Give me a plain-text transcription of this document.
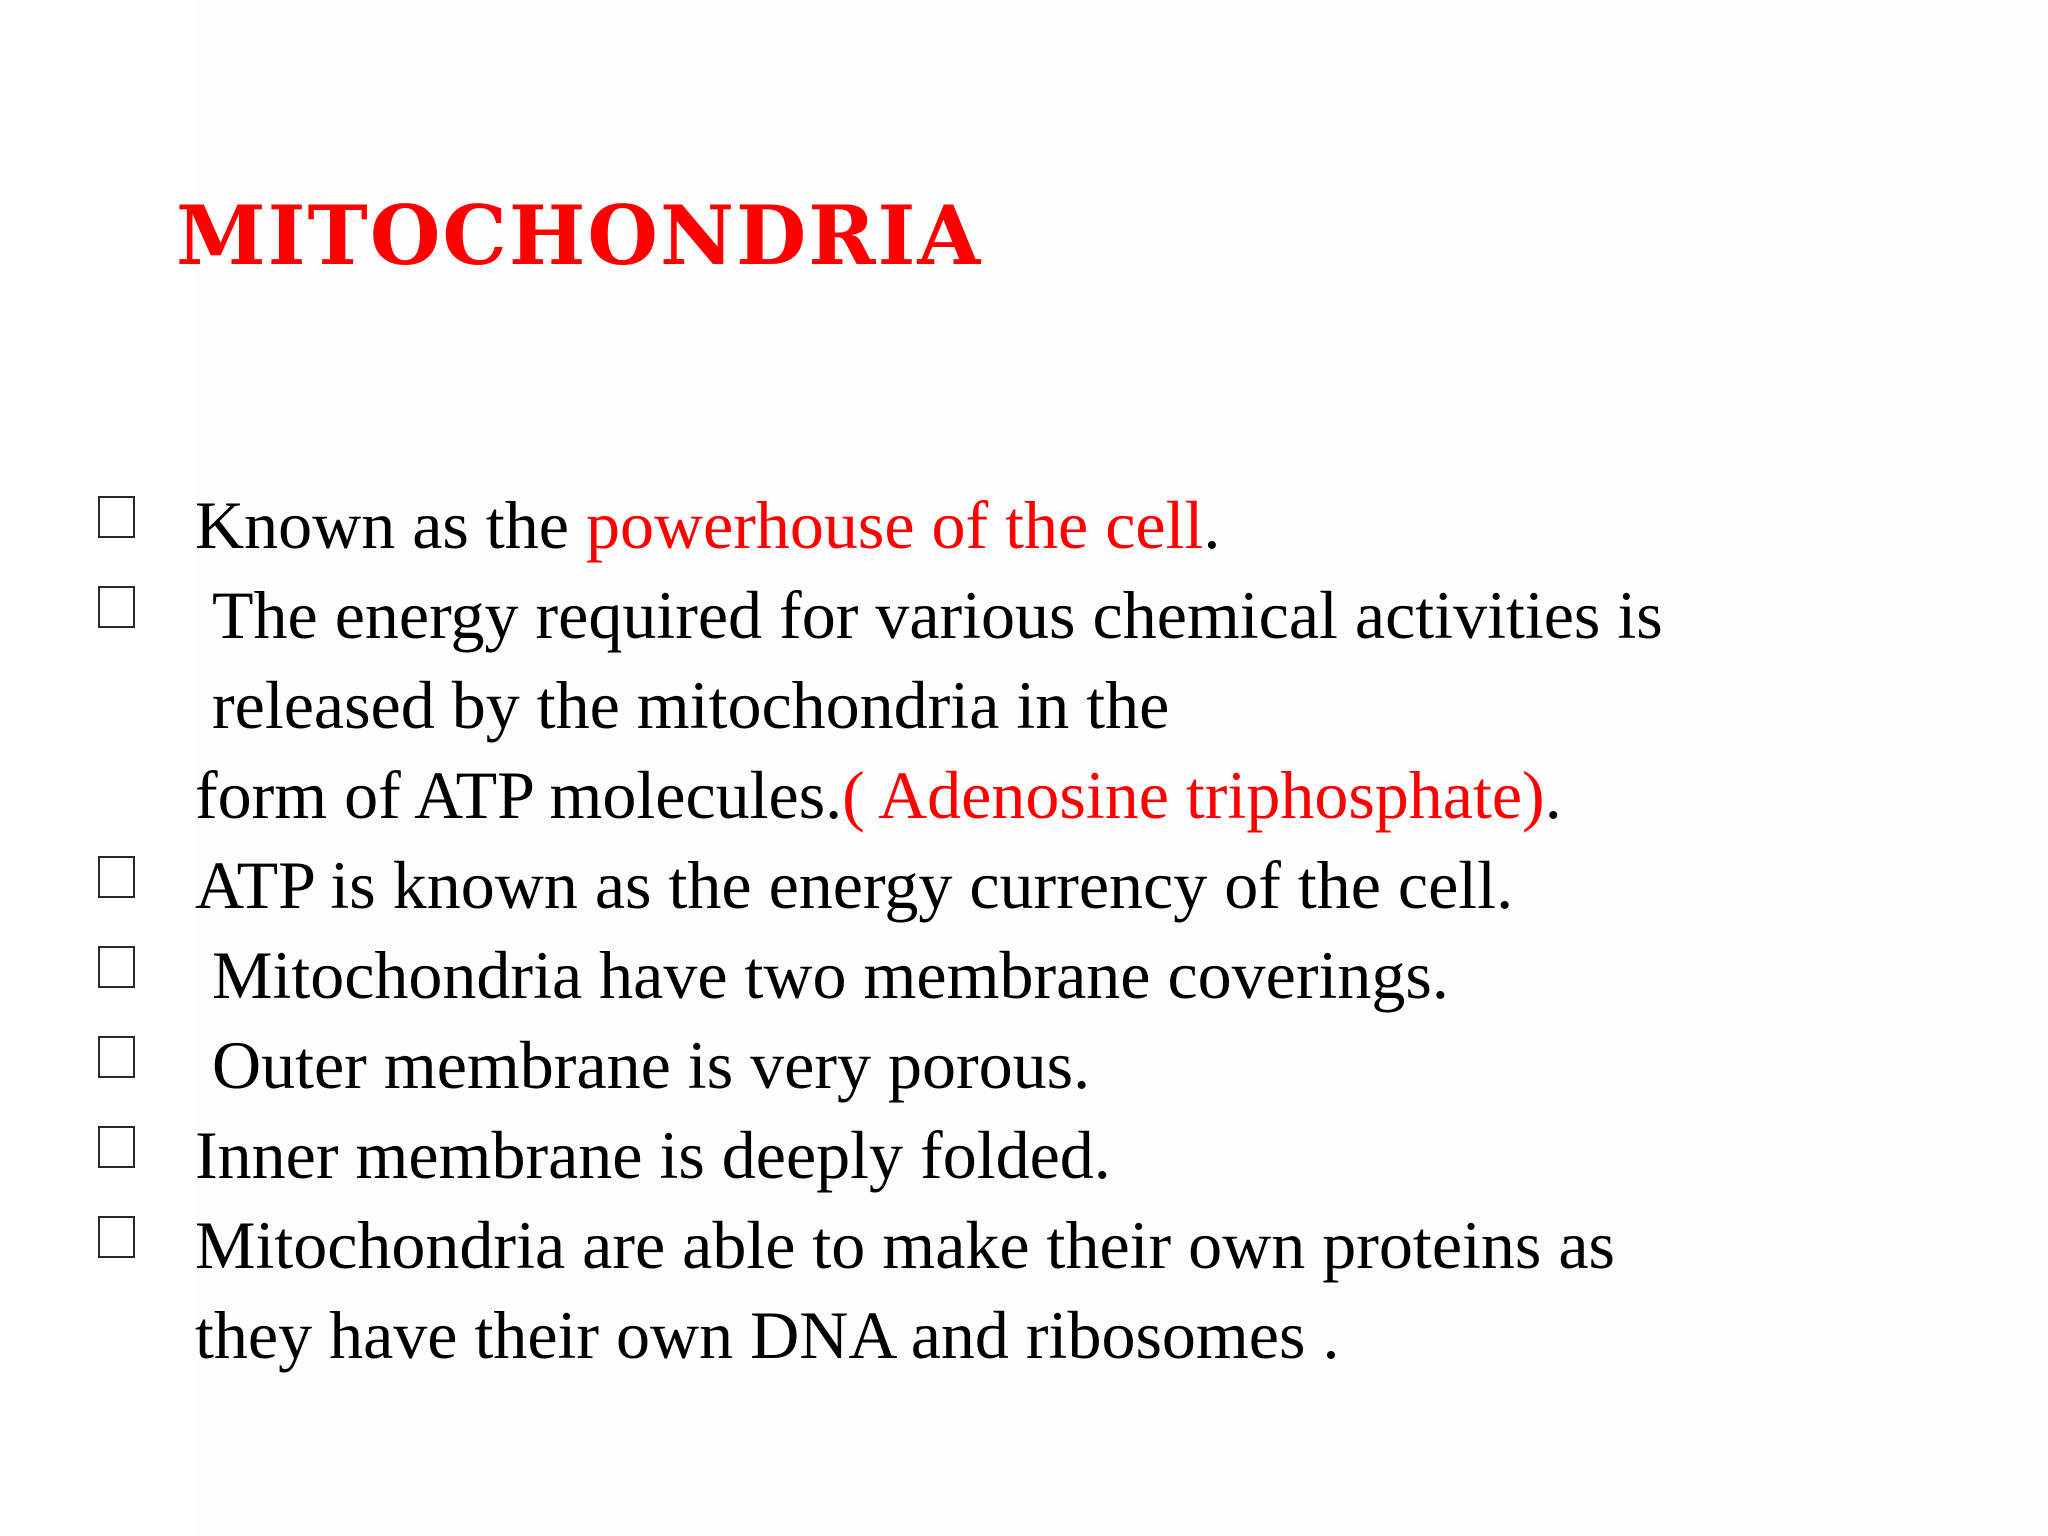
MITOCHONDRIA
Known as the powerhouse of the cell.
The energy required for various chemical activities is
released by the mitochondria in the
form of ATP molecules.( Adenosine triphosphate).
ATP is known as the energy currency of the cell.
Mitochondria have two membrane coverings.
Outer membrane is very porous.
Inner membrane is deeply folded.
Mitochondria are able to make their own proteins as
they have their own DNA and ribosomes .
